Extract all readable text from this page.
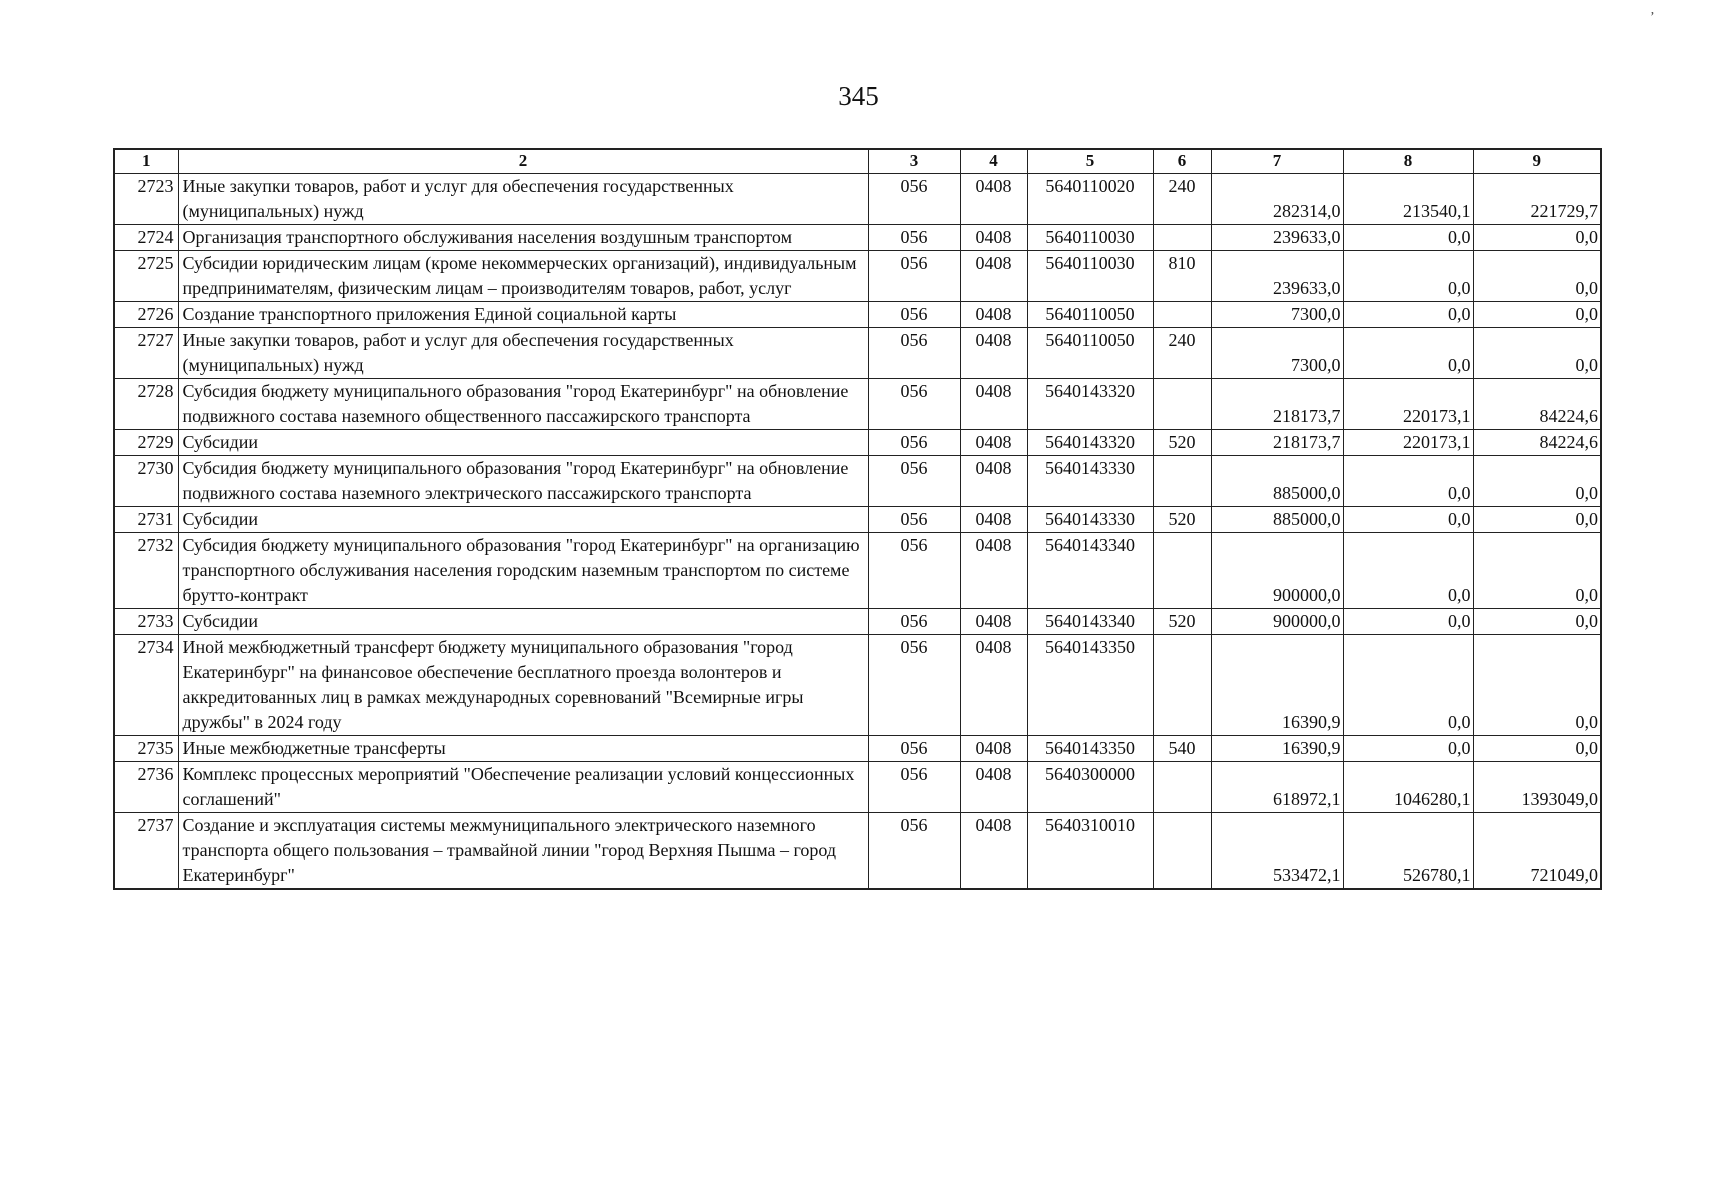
ʼ
345
1	2	3	4	5	6	7	8	9
2723	Иные закупки товаров, работ и услуг для обеспечения государственных (муниципальных) нужд	056	0408	5640110020	240	282314,0	213540,1	221729,7
2724	Организация транспортного обслуживания населения воздушным транспортом	056	0408	5640110030		239633,0	0,0	0,0
2725	Субсидии юридическим лицам (кроме некоммерческих организаций), индивидуальным предпринимателям, физическим лицам – производителям товаров, работ, услуг	056	0408	5640110030	810	239633,0	0,0	0,0
2726	Создание транспортного приложения Единой социальной карты	056	0408	5640110050		7300,0	0,0	0,0
2727	Иные закупки товаров, работ и услуг для обеспечения государственных (муниципальных) нужд	056	0408	5640110050	240	7300,0	0,0	0,0
2728	Субсидия бюджету муниципального образования "город Екатеринбург" на обновление подвижного состава наземного общественного пассажирского транспорта	056	0408	5640143320		218173,7	220173,1	84224,6
2729	Субсидии	056	0408	5640143320	520	218173,7	220173,1	84224,6
2730	Субсидия бюджету муниципального образования "город Екатеринбург" на обновление подвижного состава наземного электрического пассажирского транспорта	056	0408	5640143330		885000,0	0,0	0,0
2731	Субсидии	056	0408	5640143330	520	885000,0	0,0	0,0
2732	Субсидия бюджету муниципального образования "город Екатеринбург" на организацию транспортного обслуживания населения городским наземным транспортом по системе брутто-контракт	056	0408	5640143340		900000,0	0,0	0,0
2733	Субсидии	056	0408	5640143340	520	900000,0	0,0	0,0
2734	Иной межбюджетный трансферт бюджету муниципального образования "город Екатеринбург" на финансовое обеспечение бесплатного проезда волонтеров и аккредитованных лиц в рамках международных соревнований "Всемирные игры дружбы" в 2024 году	056	0408	5640143350		16390,9	0,0	0,0
2735	Иные межбюджетные трансферты	056	0408	5640143350	540	16390,9	0,0	0,0
2736	Комплекс процессных мероприятий "Обеспечение реализации условий концессионных соглашений"	056	0408	5640300000		618972,1	1046280,1	1393049,0
2737	Создание и эксплуатация системы межмуниципального электрического наземного транспорта общего пользования – трамвайной линии "город Верхняя Пышма – город Екатеринбург"	056	0408	5640310010		533472,1	526780,1	721049,0
